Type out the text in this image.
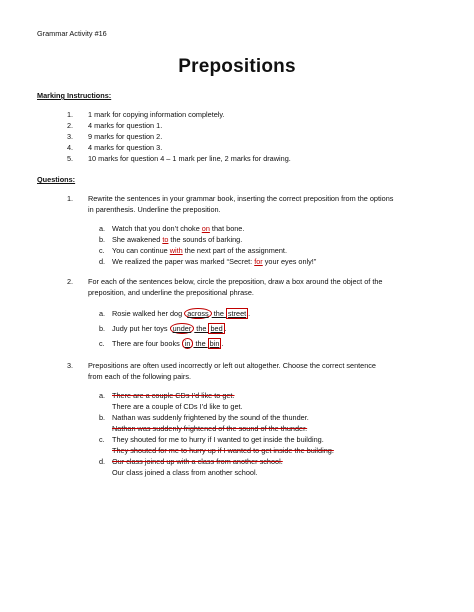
Grammar Activity #16
Prepositions
Marking Instructions:
1. 1 mark for copying information completely.
2. 4 marks for question 1.
3. 9 marks for question 2.
4. 4 marks for question 3.
5. 10 marks for question 4 – 1 mark per line, 2 marks for drawing.
Questions:
1. Rewrite the sentences in your grammar book, inserting the correct preposition from the options
in parenthesis. Underline the preposition.
a. Watch that you don’t choke on that bone.
b. She awakened to the sounds of barking.
c. You can continue with the next part of the assignment.
d. We realized the paper was marked “Secret: for your eyes only!”
2. For each of the sentences below, circle the preposition, draw a box around the object of the
preposition, and underline the prepositional phrase.
a. Rosie walked her dog across the street .
b. Judy put her toys under the bed .
c. There are four books in the bin .
3. Prepositions are often used incorrectly or left out altogether. Choose the correct sentence
from each of the following pairs.
a. There are a couple CDs I’d like to get.
There are a couple of CDs I’d like to get.
b. Nathan was suddenly frightened by the sound of the thunder.
Nathan was suddenly frightened of the sound of the thunder.
c. They shouted for me to hurry if I wanted to get inside the building.
They shouted for me to hurry up if I wanted to get inside the building.
d. Our class joined up with a class from another school.
Our class joined a class from another school.
